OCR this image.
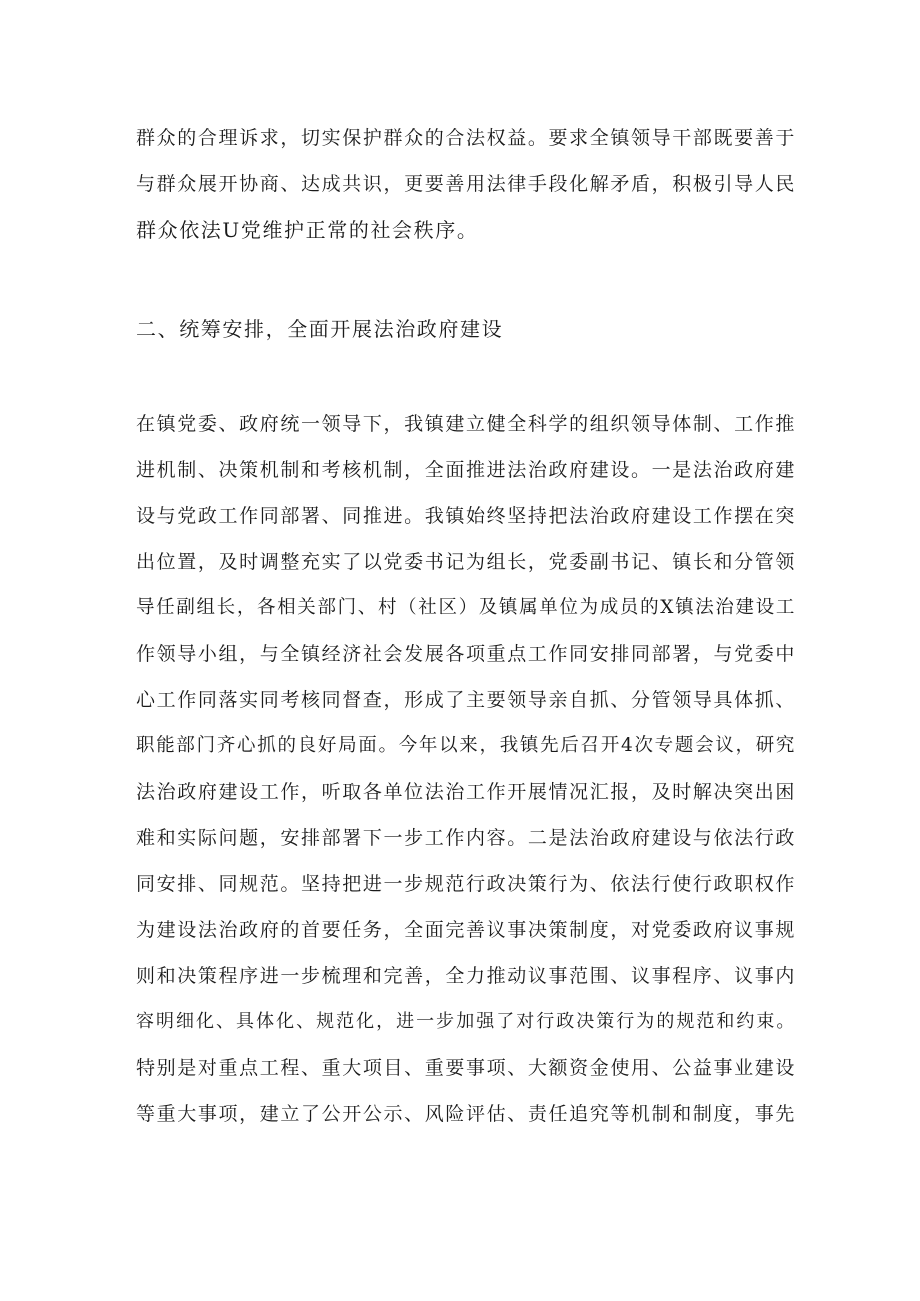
群众的合理诉求，切实保护群众的合法权益。要求全镇领导干部既要善于
与群众展开协商、达成共识，更要善用法律手段化解矛盾，积极引导人民
群众依法U党维护正常的社会秩序。
二、统筹安排，全面开展法治政府建设
在镇党委、政府统一领导下，我镇建立健全科学的组织领导体制、工作推
进机制、决策机制和考核机制，全面推进法治政府建设。一是法治政府建
设与党政工作同部署、同推进。我镇始终坚持把法治政府建设工作摆在突
出位置，及时调整充实了以党委书记为组长，党委副书记、镇长和分管领
导任副组长，各相关部门、村（社区）及镇属单位为成员的X镇法治建设工
作领导小组，与全镇经济社会发展各项重点工作同安排同部署，与党委中
心工作同落实同考核同督查，形成了主要领导亲自抓、分管领导具体抓、
职能部门齐心抓的良好局面。今年以来，我镇先后召开4次专题会议，研究
法治政府建设工作，听取各单位法治工作开展情况汇报，及时解决突出困
难和实际问题，安排部署下一步工作内容。二是法治政府建设与依法行政
同安排、同规范。坚持把进一步规范行政决策行为、依法行使行政职权作
为建设法治政府的首要任务，全面完善议事决策制度，对党委政府议事规
则和决策程序进一步梳理和完善，全力推动议事范围、议事程序、议事内
容明细化、具体化、规范化，进一步加强了对行政决策行为的规范和约束。
特别是对重点工程、重大项目、重要事项、大额资金使用、公益事业建设
等重大事项，建立了公开公示、风险评估、责任追究等机制和制度，事先
